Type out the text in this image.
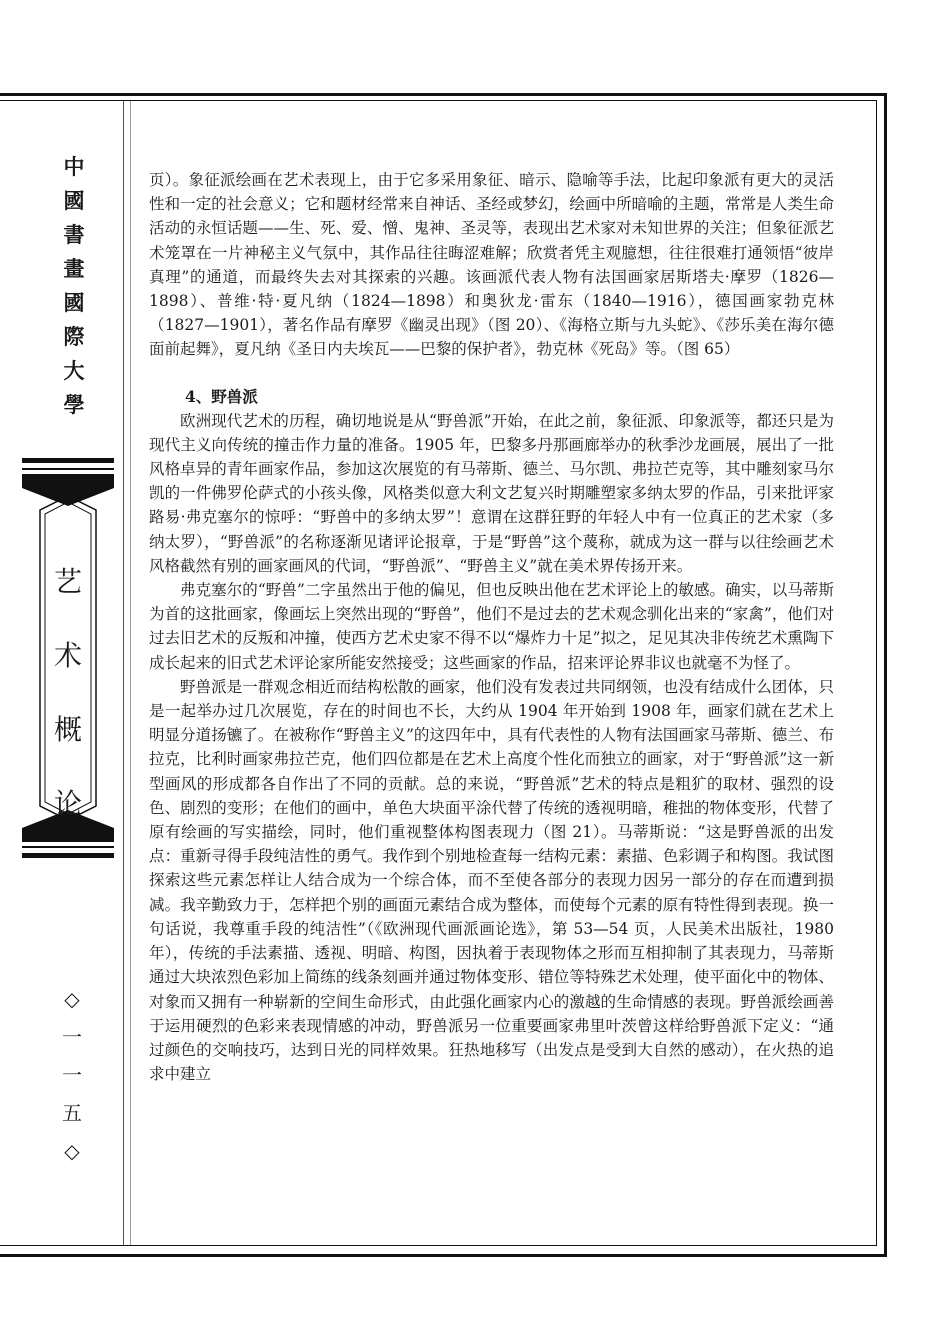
中國書畫國際大學
艺术概论
◇
一一五
◇

页）。象征派绘画在艺术表现上，由于它多采用象征、暗示、隐喻等手法，比起印象派有更大的灵活性和一定的社会意义；它和题材经常来自神话、圣经或梦幻，绘画中所暗喻的主题，常常是人类生命活动的永恒话题——生、死、爱、憎、鬼神、圣灵等，表现出艺术家对未知世界的关注；但象征派艺术笼罩在一片神秘主义气氛中，其作品往往晦涩难解；欣赏者凭主观臆想，往往很难打通领悟“彼岸真理”的通道，而最终失去对其探索的兴趣。该画派代表人物有法国画家居斯塔夫·摩罗（1826—1898）、普维·特·夏凡纳（1824—1898）和奥狄龙·雷东（1840—1916），德国画家勃克林（1827—1901），著名作品有摩罗《幽灵出现》（图 20）、《海格立斯与九头蛇》、《莎乐美在海尔德面前起舞》，夏凡纳《圣日内夫埃瓦——巴黎的保护者》，勃克林《死岛》等。（图 65）

4、野兽派

欧洲现代艺术的历程，确切地说是从“野兽派”开始，在此之前，象征派、印象派等，都还只是为现代主义向传统的撞击作力量的准备。1905 年，巴黎多丹那画廊举办的秋季沙龙画展，展出了一批风格卓异的青年画家作品，参加这次展览的有马蒂斯、德兰、马尔凯、弗拉芒克等，其中雕刻家马尔凯的一件佛罗伦萨式的小孩头像，风格类似意大利文艺复兴时期雕塑家多纳太罗的作品，引来批评家路易·弗克塞尔的惊呼：“野兽中的多纳太罗”！意谓在这群狂野的年轻人中有一位真正的艺术家（多纳太罗），“野兽派”的名称逐渐见诸评论报章，于是“野兽”这个蔑称，就成为这一群与以往绘画艺术风格截然有别的画家画风的代词，“野兽派”、“野兽主义”就在美术界传扬开来。

弗克塞尔的“野兽”二字虽然出于他的偏见，但也反映出他在艺术评论上的敏感。确实，以马蒂斯为首的这批画家，像画坛上突然出现的“野兽”，他们不是过去的艺术观念驯化出来的“家禽”，他们对过去旧艺术的反叛和冲撞，使西方艺术史家不得不以“爆炸力十足”拟之，足见其决非传统艺术熏陶下成长起来的旧式艺术评论家所能安然接受；这些画家的作品，招来评论界非议也就毫不为怪了。

野兽派是一群观念相近而结构松散的画家，他们没有发表过共同纲领，也没有结成什么团体，只是一起举办过几次展览，存在的时间也不长，大约从 1904 年开始到 1908 年，画家们就在艺术上明显分道扬镳了。在被称作“野兽主义”的这四年中，具有代表性的人物有法国画家马蒂斯、德兰、布拉克，比利时画家弗拉芒克，他们四位都是在艺术上高度个性化而独立的画家，对于“野兽派”这一新型画风的形成都各自作出了不同的贡献。总的来说，“野兽派”艺术的特点是粗犷的取材、强烈的设色、剧烈的变形；在他们的画中，单色大块面平涂代替了传统的透视明暗，稚拙的物体变形，代替了原有绘画的写实描绘，同时，他们重视整体构图表现力（图 21）。马蒂斯说：“这是野兽派的出发点：重新寻得手段纯洁性的勇气。我作到个别地检查每一结构元素：素描、色彩调子和构图。我试图探索这些元素怎样让人结合成为一个综合体，而不至使各部分的表现力因另一部分的存在而遭到损减。我辛勤致力于，怎样把个别的画面元素结合成为整体，而使每个元素的原有特性得到表现。换一句话说，我尊重手段的纯洁性”（《欧洲现代画派画论选》，第 53—54 页，人民美术出版社，1980 年），传统的手法素描、透视、明暗、构图，因执着于表现物体之形而互相抑制了其表现力，马蒂斯通过大块浓烈色彩加上简练的线条刻画并通过物体变形、错位等特殊艺术处理，使平面化中的物体、对象而又拥有一种崭新的空间生命形式，由此强化画家内心的激越的生命情感的表现。野兽派绘画善于运用硬烈的色彩来表现情感的冲动，野兽派另一位重要画家弗里叶茨曾这样给野兽派下定义：“通过颜色的交响技巧，达到日光的同样效果。狂热地移写（出发点是受到大自然的感动），在火热的追求中建立
